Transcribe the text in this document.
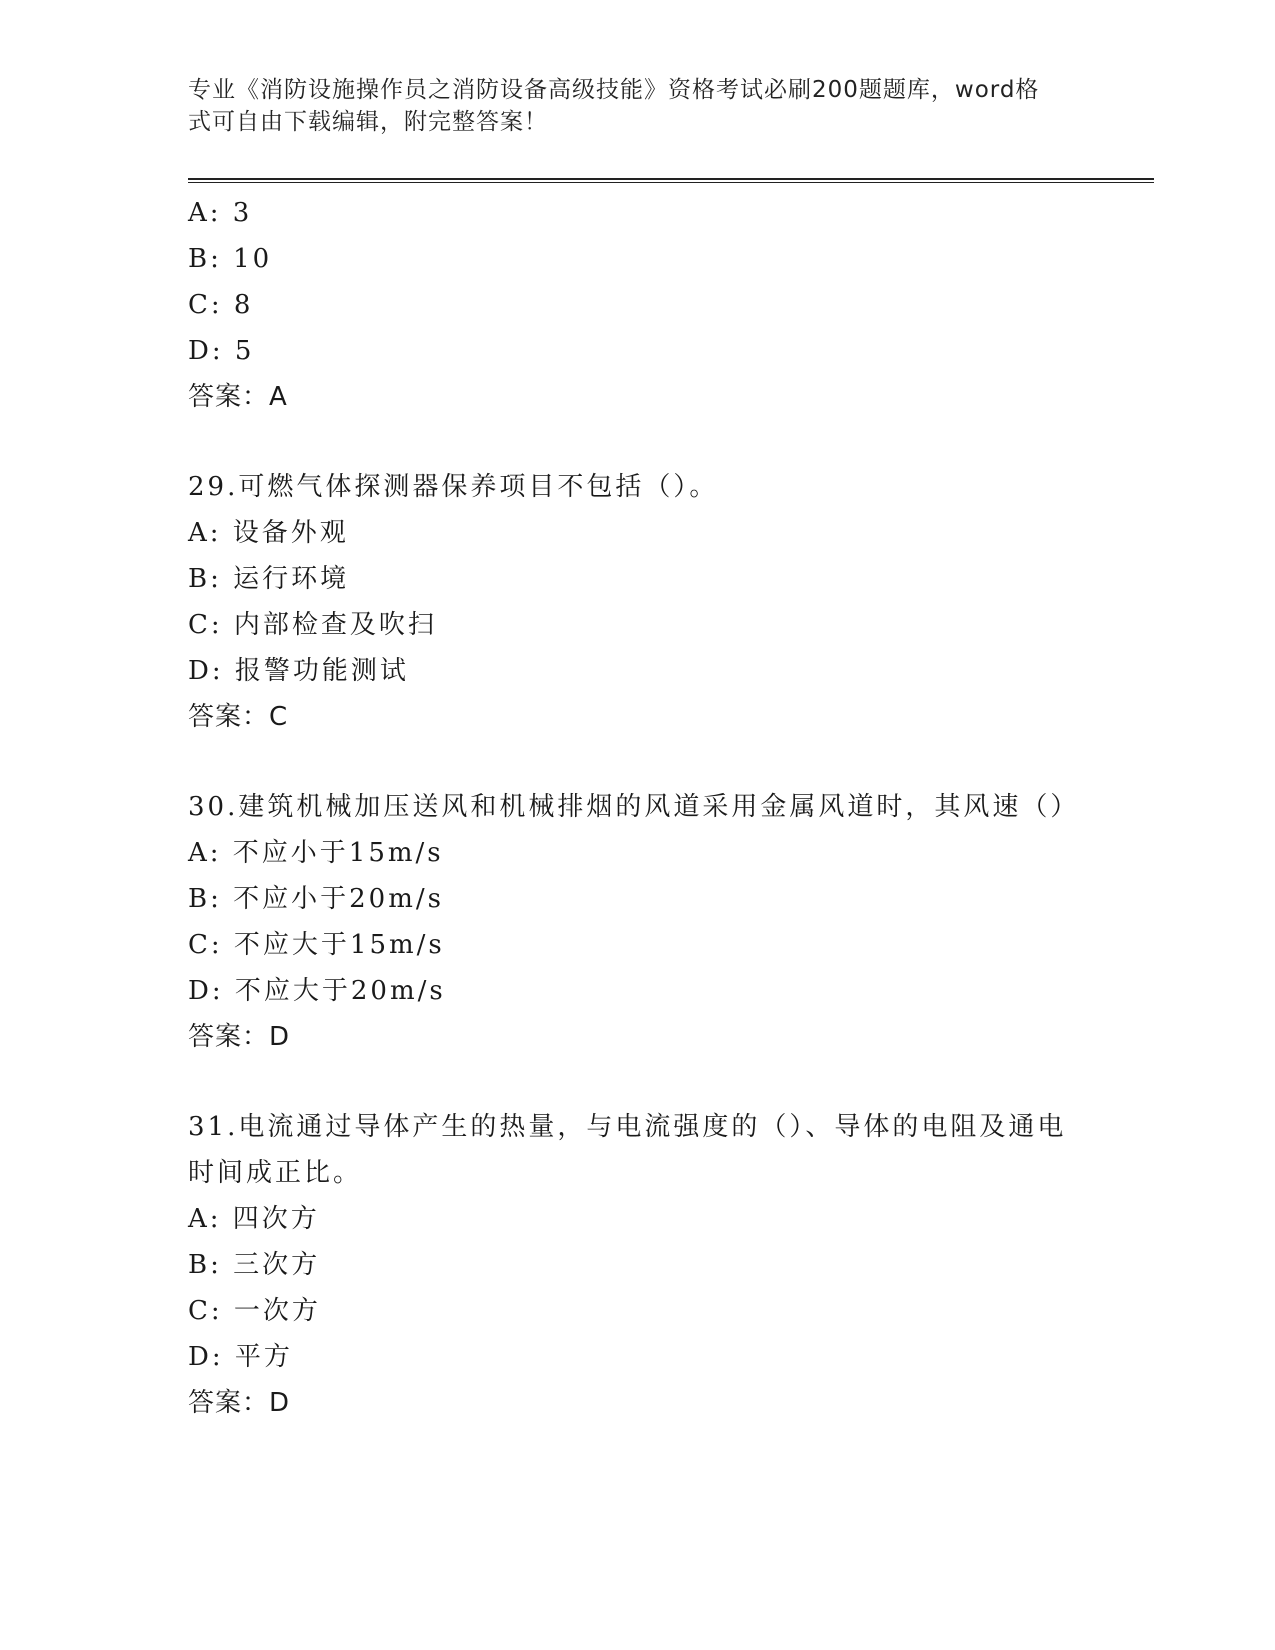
专业《消防设施操作员之消防设备高级技能》资格考试必刷200题题库，word格
式可自由下载编辑，附完整答案！
A: 3
B: 10
C: 8
D: 5
答案：A
29.可燃气体探测器保养项目不包括（）。
A: 设备外观
B: 运行环境
C: 内部检查及吹扫
D: 报警功能测试
答案：C
30.建筑机械加压送风和机械排烟的风道采用金属风道时，其风速（）
A: 不应小于15m/s
B: 不应小于20m/s
C: 不应大于15m/s
D: 不应大于20m/s
答案：D
31.电流通过导体产生的热量，与电流强度的（）、导体的电阻及通电
时间成正比。
A: 四次方
B: 三次方
C: 一次方
D: 平方
答案：D
